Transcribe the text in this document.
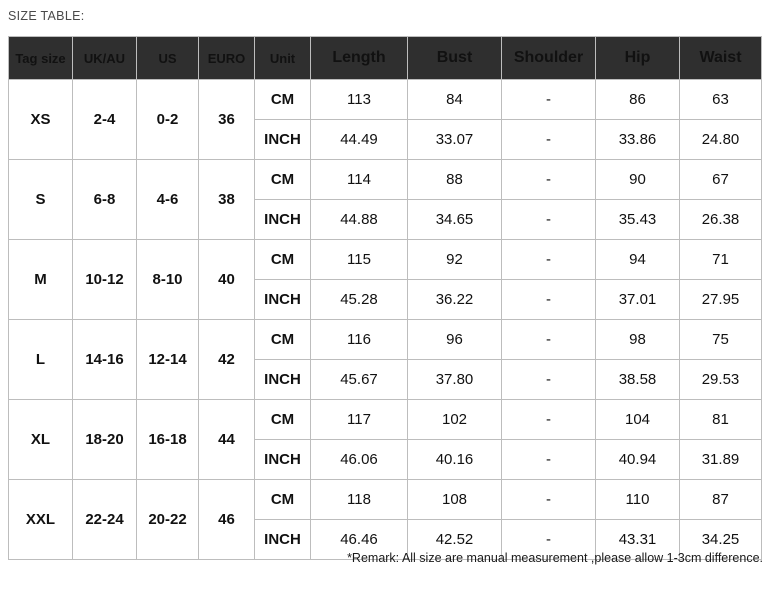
SIZE TABLE:
Tag size	UK/AU	US	EURO	Unit	Length	Bust	Shoulder	Hip	Waist
XS	2-4	0-2	36	CM	113	84	-	86	63
				INCH	44.49	33.07	-	33.86	24.80
S	6-8	4-6	38	CM	114	88	-	90	67
				INCH	44.88	34.65	-	35.43	26.38
M	10-12	8-10	40	CM	115	92	-	94	71
				INCH	45.28	36.22	-	37.01	27.95
L	14-16	12-14	42	CM	116	96	-	98	75
				INCH	45.67	37.80	-	38.58	29.53
XL	18-20	16-18	44	CM	117	102	-	104	81
				INCH	46.06	40.16	-	40.94	31.89
XXL	22-24	20-22	46	CM	118	108	-	110	87
				INCH	46.46	42.52	-	43.31	34.25
*Remark: All size are manual measurement ,please allow 1-3cm difference.
